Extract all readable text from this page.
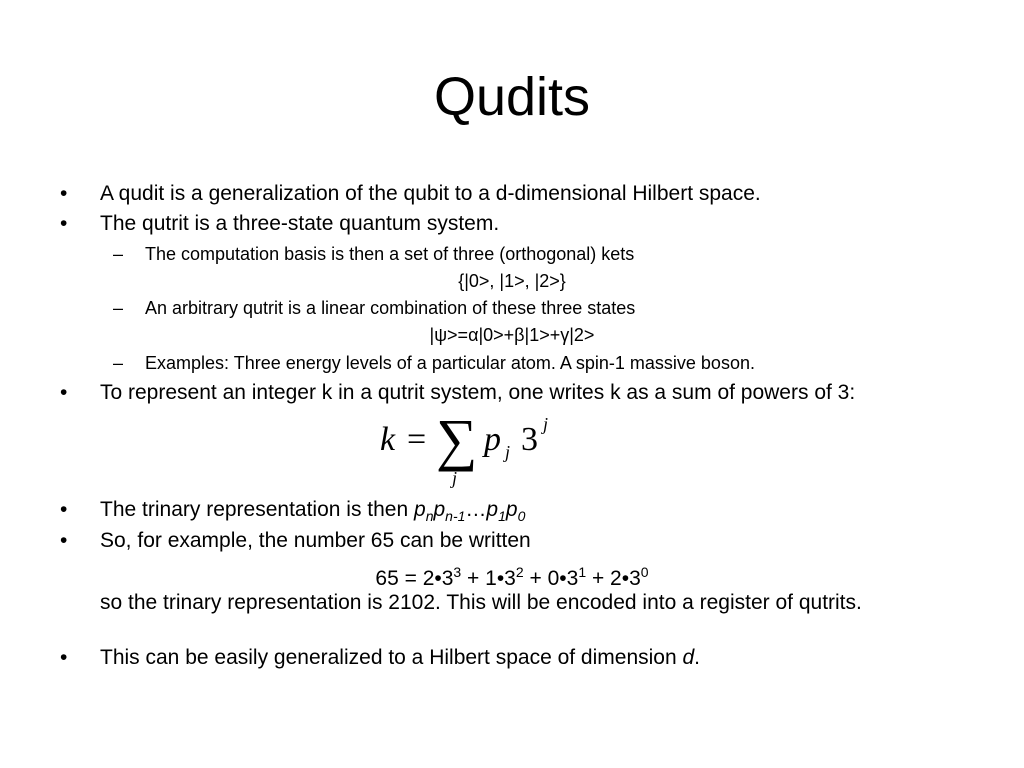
Qudits
• A qudit is a generalization of the qubit to a d-dimensional Hilbert space.
• The qutrit is a three-state quantum system.
– The computation basis is then a set of three (orthogonal) kets
{|0>, |1>, |2>}
– An arbitrary qutrit is a linear combination of these three states
|ψ>=α|0>+β|1>+γ|2>
– Examples: Three energy levels of a particular atom. A spin-1 massive boson.
• To represent an integer k in a qutrit system, one writes k as a sum of powers of 3:
k = ∑
j
p j 3 j
• The trinary representation is then $p_np_{n-1}\dots p_1p_0$
• So, for example, the number 65 can be written
$65 = 2•3^3$ + $1•3^2$ + $0•3^1$ + $2•3^0$
so the trinary representation is 2102. This will be encoded into a register of qutrits.
• This can be easily generalized to a Hilbert space of dimension d.
